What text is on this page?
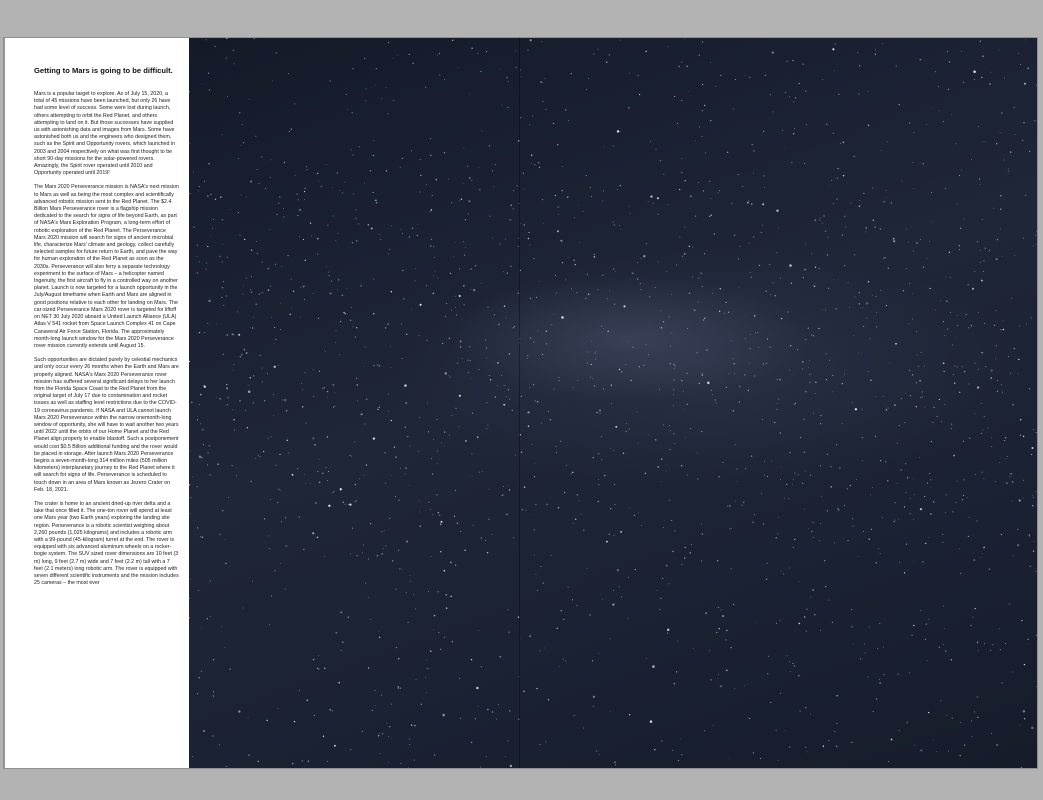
Getting to Mars is going to be difficult.

Mars is a popular target to explore. As of July 15, 2020, a total of 45 missions have been launched, but only 26 have had some level of success. Some were lost during launch, others attempting to orbit the Red Planet, and others attempting to land on it. But those successes have supplied us with astonishing data and images from Mars. Some have astonished both us and the engineers who designed them, such as the Spirit and Opportunity rovers, which launched in 2003 and 2004 respectively on what was first thought to be short 90-day missions for the solar-powered rovers. Amazingly, the Spirit rover operated until 2010 and Opportunity operated until 2019!

The Mars 2020 Perseverance mission is NASA's next mission to Mars as well as being the most complex and scientifically advanced robotic mission sent to the Red Planet. The $2.4 Billion Mars Perseverance rover is a flagship mission dedicated to the search for signs of life beyond Earth, as part of NASA's Mars Exploration Program, a long-term effort of robotic exploration of the Red Planet. The Perseverance Mars 2020 mission will search for signs of ancient microbial life, characterize Mars' climate and geology, collect carefully selected samples for future return to Earth, and pave the way for human exploration of the Red Planet as soon as the 2030s. Perseverance will also ferry a separate technology experiment to the surface of Mars – a helicopter named Ingenuity, the first aircraft to fly in a controlled way on another planet. Launch is now targeted for a launch opportunity in the July/August timeframe when Earth and Mars are aligned in good positions relative to each other for landing on Mars. The car-sized Perseverance Mars 2020 rover is targeted for liftoff on NET 30 July 2020 aboard a United Launch Alliance (ULA) Atlas V 541 rocket from Space Launch Complex 41 on Cape Canaveral Air Force Station, Florida. The approximately month-long launch window for the Mars 2020 Perseverance rover mission currently extends until August 15.

Such opportunities are dictated purely by celestial mechanics and only occur every 26 months when the Earth and Mars are properly aligned. NASA's Mars 2020 Perseverance rover mission has suffered several significant delays to her launch from the Florida Space Coast to the Red Planet from the original target of July 17 due to contamination and rocket issues as well as staffing level restrictions due to the COVID-19 coronavirus pandemic. If NASA and ULA cannot launch Mars 2020 Perseverance within the narrow onemonth-long window of opportunity, she will have to wait another two years until 2022 until the orbits of our Home Planet and the Red Planet align properly to enable blastoff. Such a postponement would cost $0.5 Billion additional funding and the rover would be placed in storage. After launch Mars 2020 Perseverance begins a seven-month-long 314 million miles (505 million kilometers) interplanetary journey to the Red Planet where it will search for signs of life. Perseverance is scheduled to touch down in an area of Mars known as Jezero Crater on Feb. 18, 2021.

The crater is home to an ancient dried-up river delta and a lake that once filled it. The one-ton rover will spend at least one Mars year (two Earth years) exploring the landing site region. Perseverance is a robotic scientist weighing about 2,260 pounds (1,025 kilograms) and includes a robotic arm with a 99-pound (45-kilogram) turret at the end. The rover is equipped with six advanced aluminum wheels on a rocker-bogie system. The SUV sized rover dimensions are 10 feet (3 m) long, 9 feet (2.7 m) wide and 7 feet (2.2 m) tall with a 7 feet (2.1 meters) long robotic arm. The rover is equipped with seven different scientific instruments and the mission includes 25 cameras – the most ever
